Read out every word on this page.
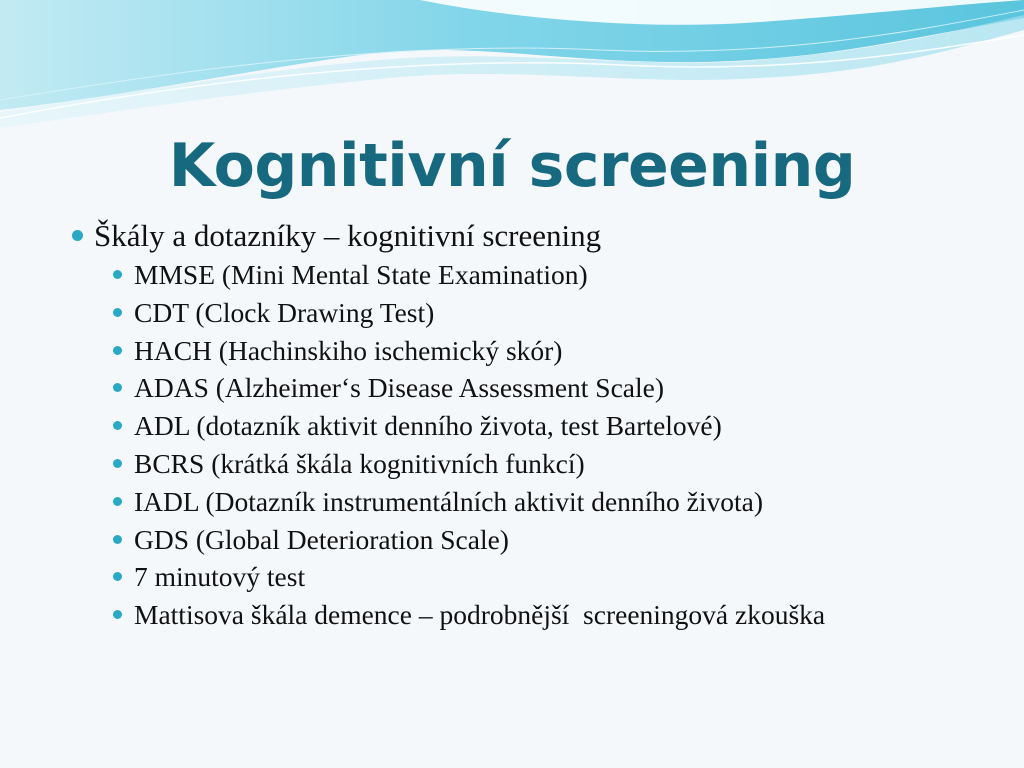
Kognitivní screening
Škály a dotazníky – kognitivní screening
MMSE (Mini Mental State Examination)
CDT (Clock Drawing Test)
HACH (Hachinskiho ischemický skór)
ADAS (Alzheimer‘s Disease Assessment Scale)
ADL (dotazník aktivit denního života, test Bartelové)
BCRS (krátká škála kognitivních funkcí)
IADL (Dotazník instrumentálních aktivit denního života)
GDS (Global Deterioration Scale)
7 minutový test
Mattisova škála demence – podrobnější  screeningová zkouška
